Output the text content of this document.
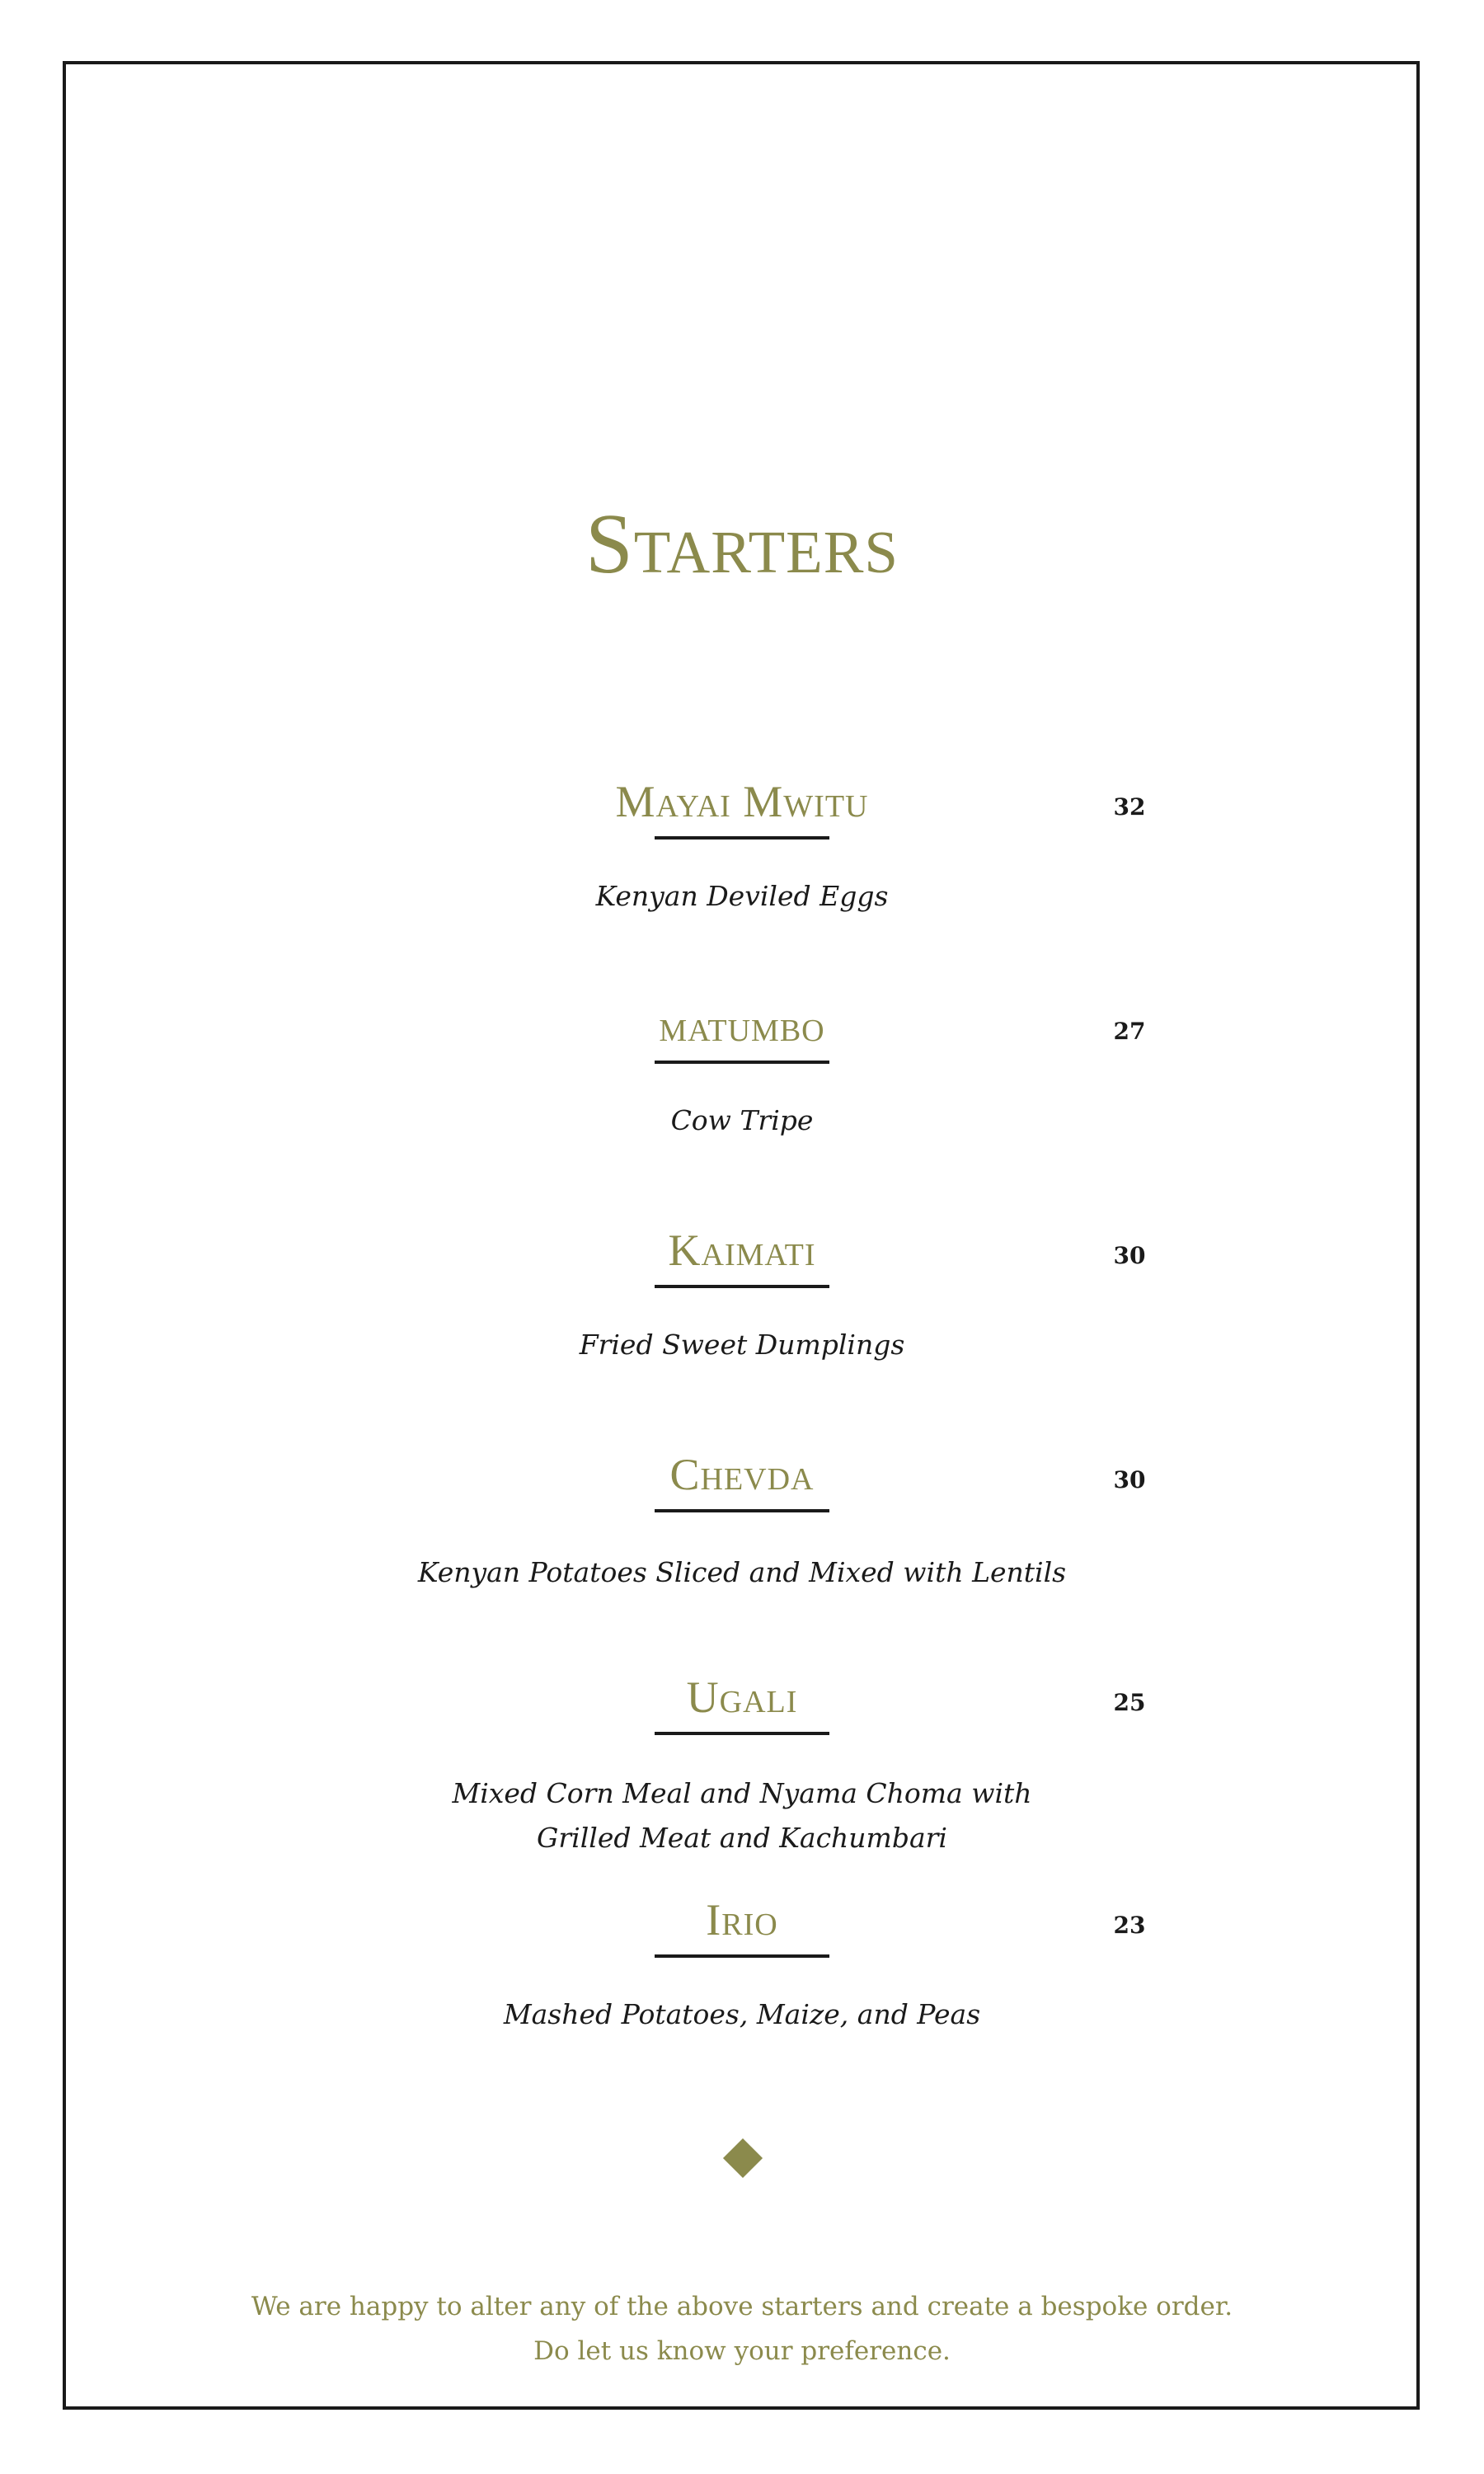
Starters
Mayai Mwitu	32
Kenyan Deviled Eggs
matumbo	27
Cow Tripe
Kaimati	30
Fried Sweet Dumplings
Chevda	30
Kenyan Potatoes Sliced and Mixed with Lentils
Ugali	25
Mixed Corn Meal and Nyama Choma with
Grilled Meat and Kachumbari
Irio	23
Mashed Potatoes, Maize, and Peas
We are happy to alter any of the above starters and create a bespoke order.
Do let us know your preference.
